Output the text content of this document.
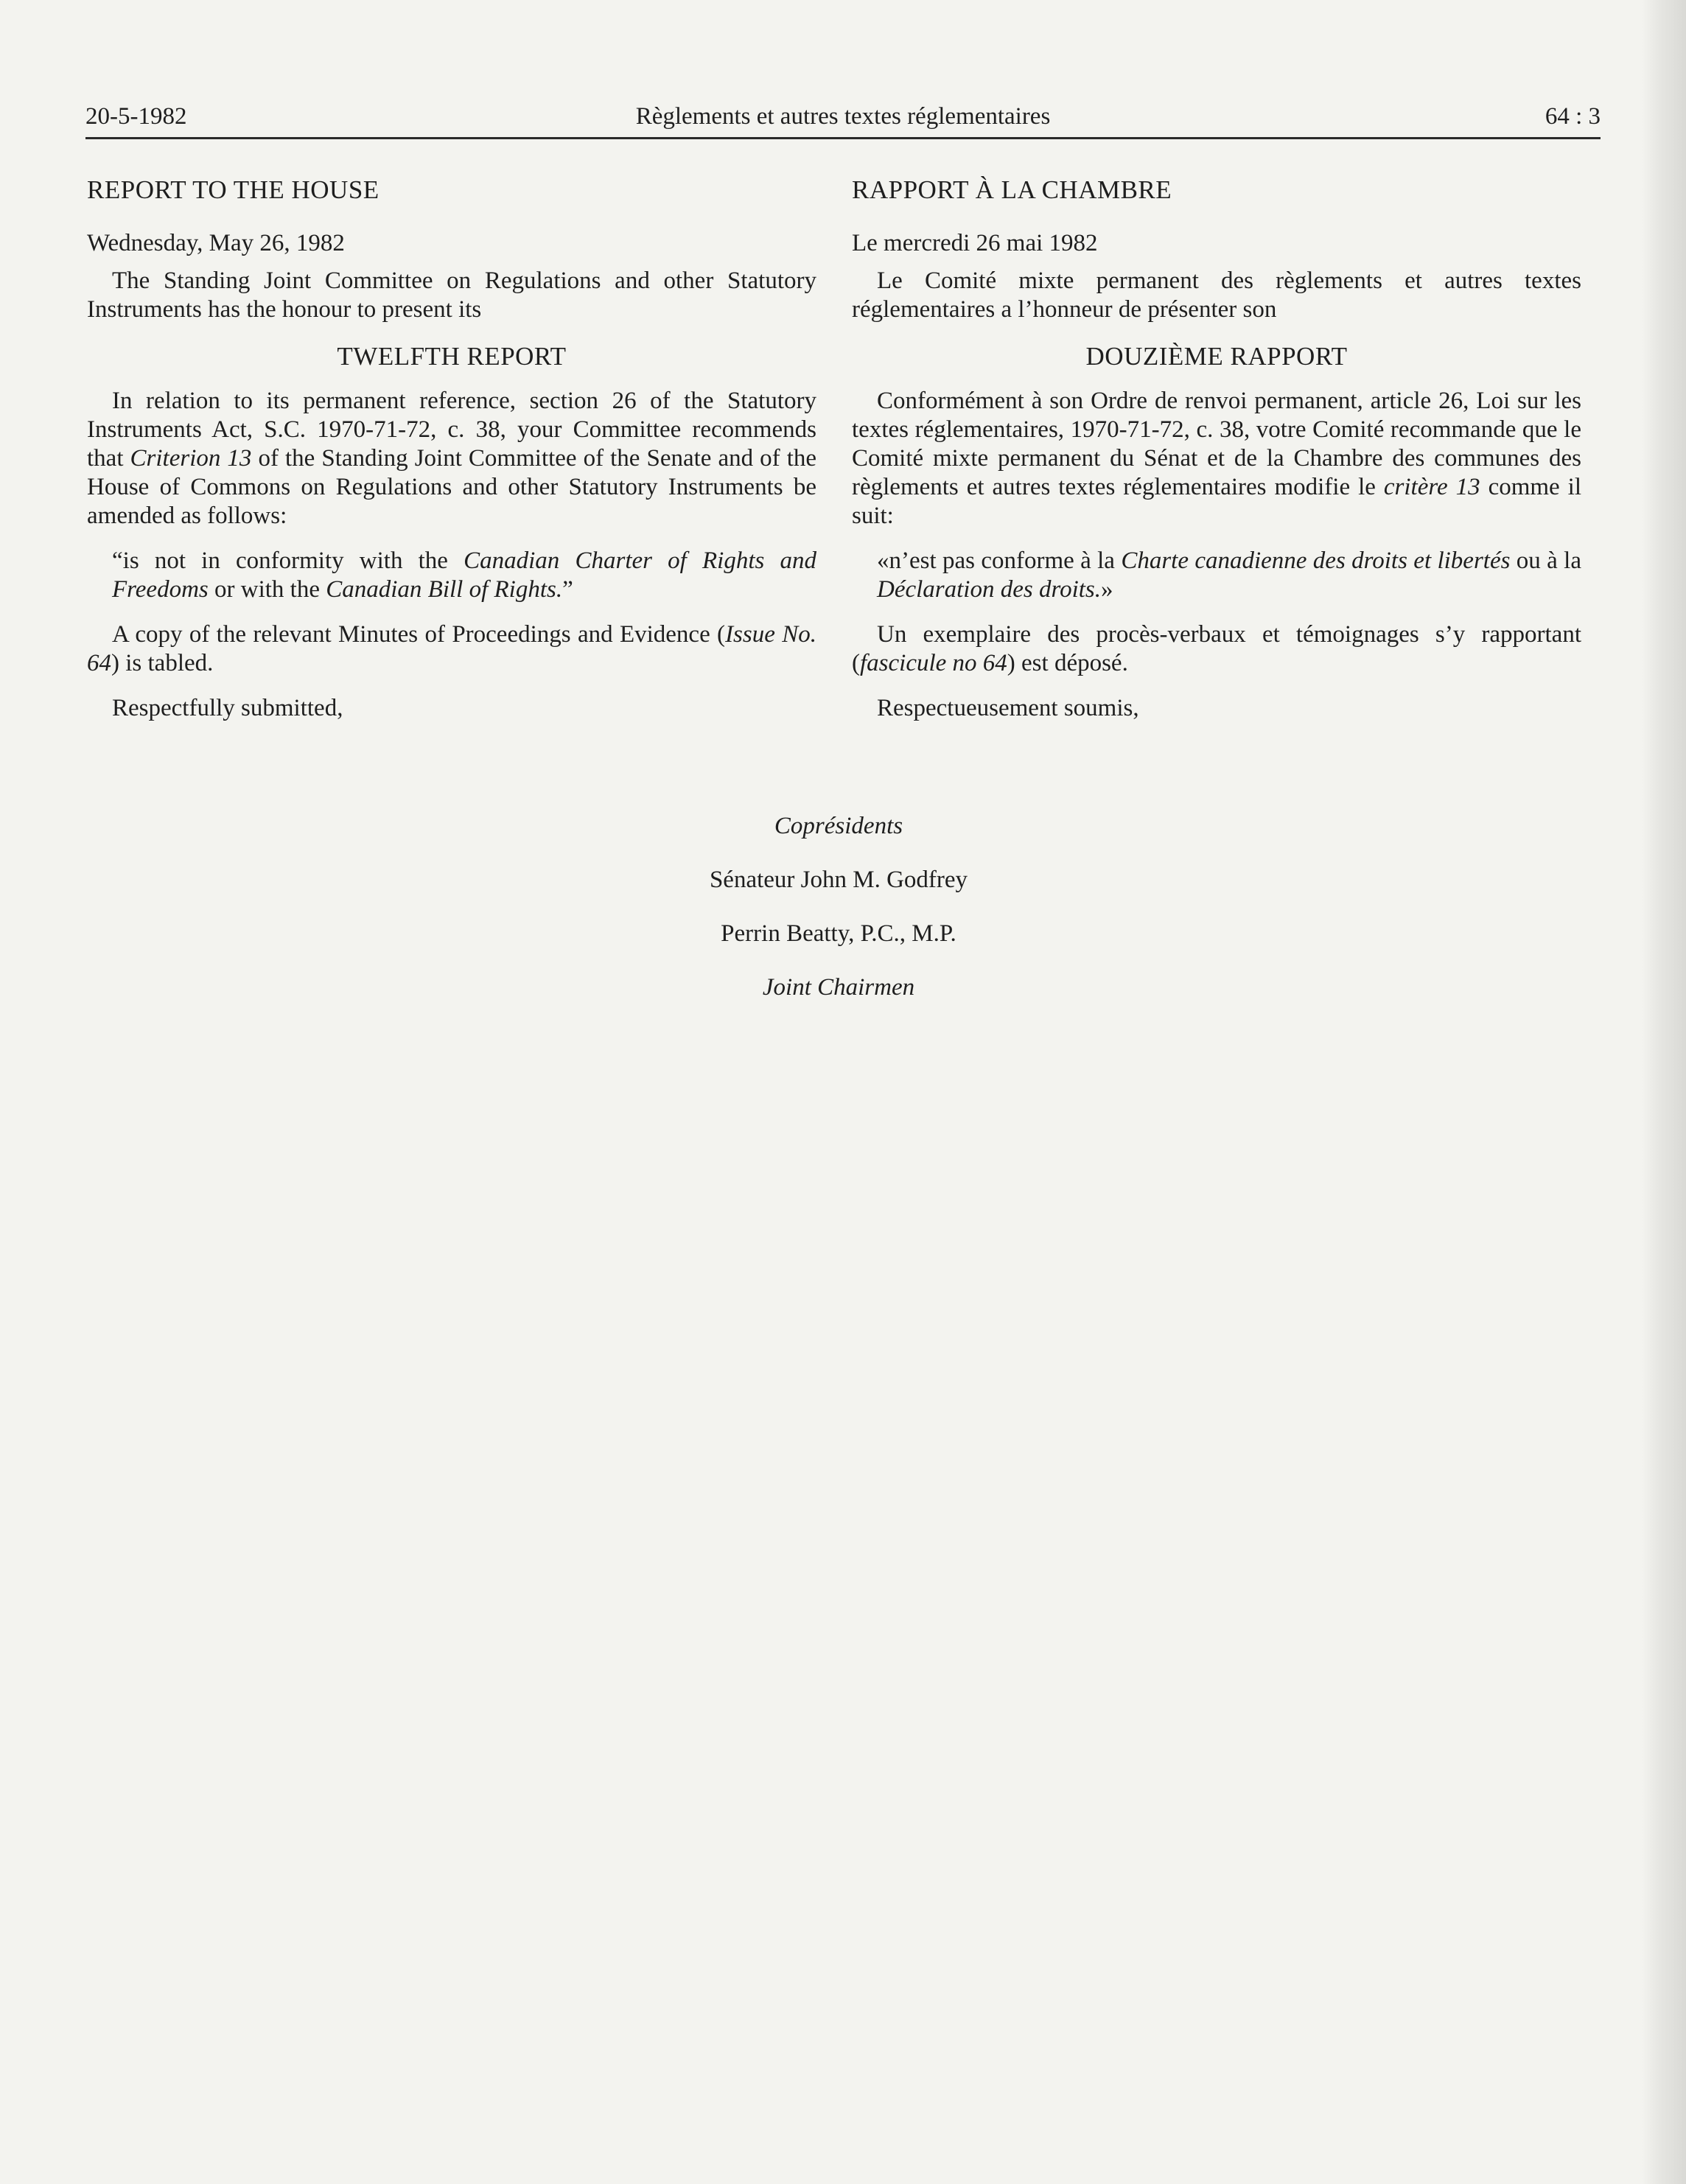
20-5-1982	Règlements et autres textes réglementaires	64 : 3

REPORT TO THE HOUSE

Wednesday, May 26, 1982

The Standing Joint Committee on Regulations and other Statutory Instruments has the honour to present its

TWELFTH REPORT

In relation to its permanent reference, section 26 of the Statutory Instruments Act, S.C. 1970-71-72, c. 38, your Committee recommends that Criterion 13 of the Standing Joint Committee of the Senate and of the House of Commons on Regulations and other Statutory Instruments be amended as follows:

“is not in conformity with the Canadian Charter of Rights and Freedoms or with the Canadian Bill of Rights.”

A copy of the relevant Minutes of Proceedings and Evidence (Issue No. 64) is tabled.

Respectfully submitted,

RAPPORT À LA CHAMBRE

Le mercredi 26 mai 1982

Le Comité mixte permanent des règlements et autres textes réglementaires a l’honneur de présenter son

DOUZIÈME RAPPORT

Conformément à son Ordre de renvoi permanent, article 26, Loi sur les textes réglementaires, 1970-71-72, c. 38, votre Comité recommande que le Comité mixte permanent du Sénat et de la Chambre des communes des règlements et autres textes réglementaires modifie le critère 13 comme il suit:

«n’est pas conforme à la Charte canadienne des droits et libertés ou à la Déclaration des droits.»

Un exemplaire des procès-verbaux et témoignages s’y rapportant (fascicule no 64) est déposé.

Respectueusement soumis,

Coprésidents

Sénateur John M. Godfrey

Perrin Beatty, P.C., M.P.

Joint Chairmen
